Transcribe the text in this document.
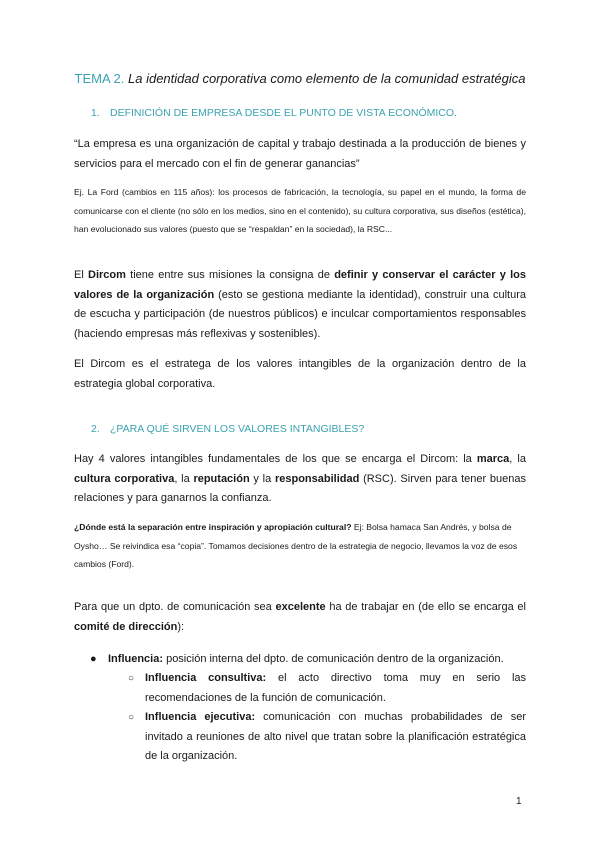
TEMA 2. La identidad corporativa como elemento de la comunidad estratégica
1. DEFINICIÓN DE EMPRESA DESDE EL PUNTO DE VISTA ECONÓMICO.

“La empresa es una organización de capital y trabajo destinada a la producción de bienes y servicios para el mercado con el fin de generar ganancias”

Ej. La Ford (cambios en 115 años): los procesos de fabricación, la tecnología, su papel en el mundo, la forma de comunicarse con el cliente (no sólo en los medios, sino en el contenido), su cultura corporativa, sus diseños (estética), han evolucionado sus valores (puesto que se “respaldan” en la sociedad), la RSC...

El Dircom tiene entre sus misiones la consigna de definir y conservar el carácter y los valores de la organización (esto se gestiona mediante la identidad), construir una cultura de escucha y participación (de nuestros públicos) e inculcar comportamientos responsables (haciendo empresas más reflexivas y sostenibles).

El Dircom es el estratega de los valores intangibles de la organización dentro de la estrategia global corporativa.

2. ¿PARA QUÉ SIRVEN LOS VALORES INTANGIBLES?

Hay 4 valores intangibles fundamentales de los que se encarga el Dircom: la marca, la cultura corporativa, la reputación y la responsabilidad (RSC). Sirven para tener buenas relaciones y para ganarnos la confianza.

¿Dónde está la separación entre inspiración y apropiación cultural? Ej: Bolsa hamaca San Andrés, y bolsa de Oysho… Se reivindica esa “copia”. Tomamos decisiones dentro de la estrategia de negocio, llevamos la voz de esos cambios (Ford).

Para que un dpto. de comunicación sea excelente ha de trabajar en (de ello se encarga el comité de dirección):

● Influencia: posición interna del dpto. de comunicación dentro de la organización.
○ Influencia consultiva: el acto directivo toma muy en serio las recomendaciones de la función de comunicación.
○ Influencia ejecutiva: comunicación con muchas probabilidades de ser invitado a reuniones de alto nivel que tratan sobre la planificación estratégica de la organización.
1
